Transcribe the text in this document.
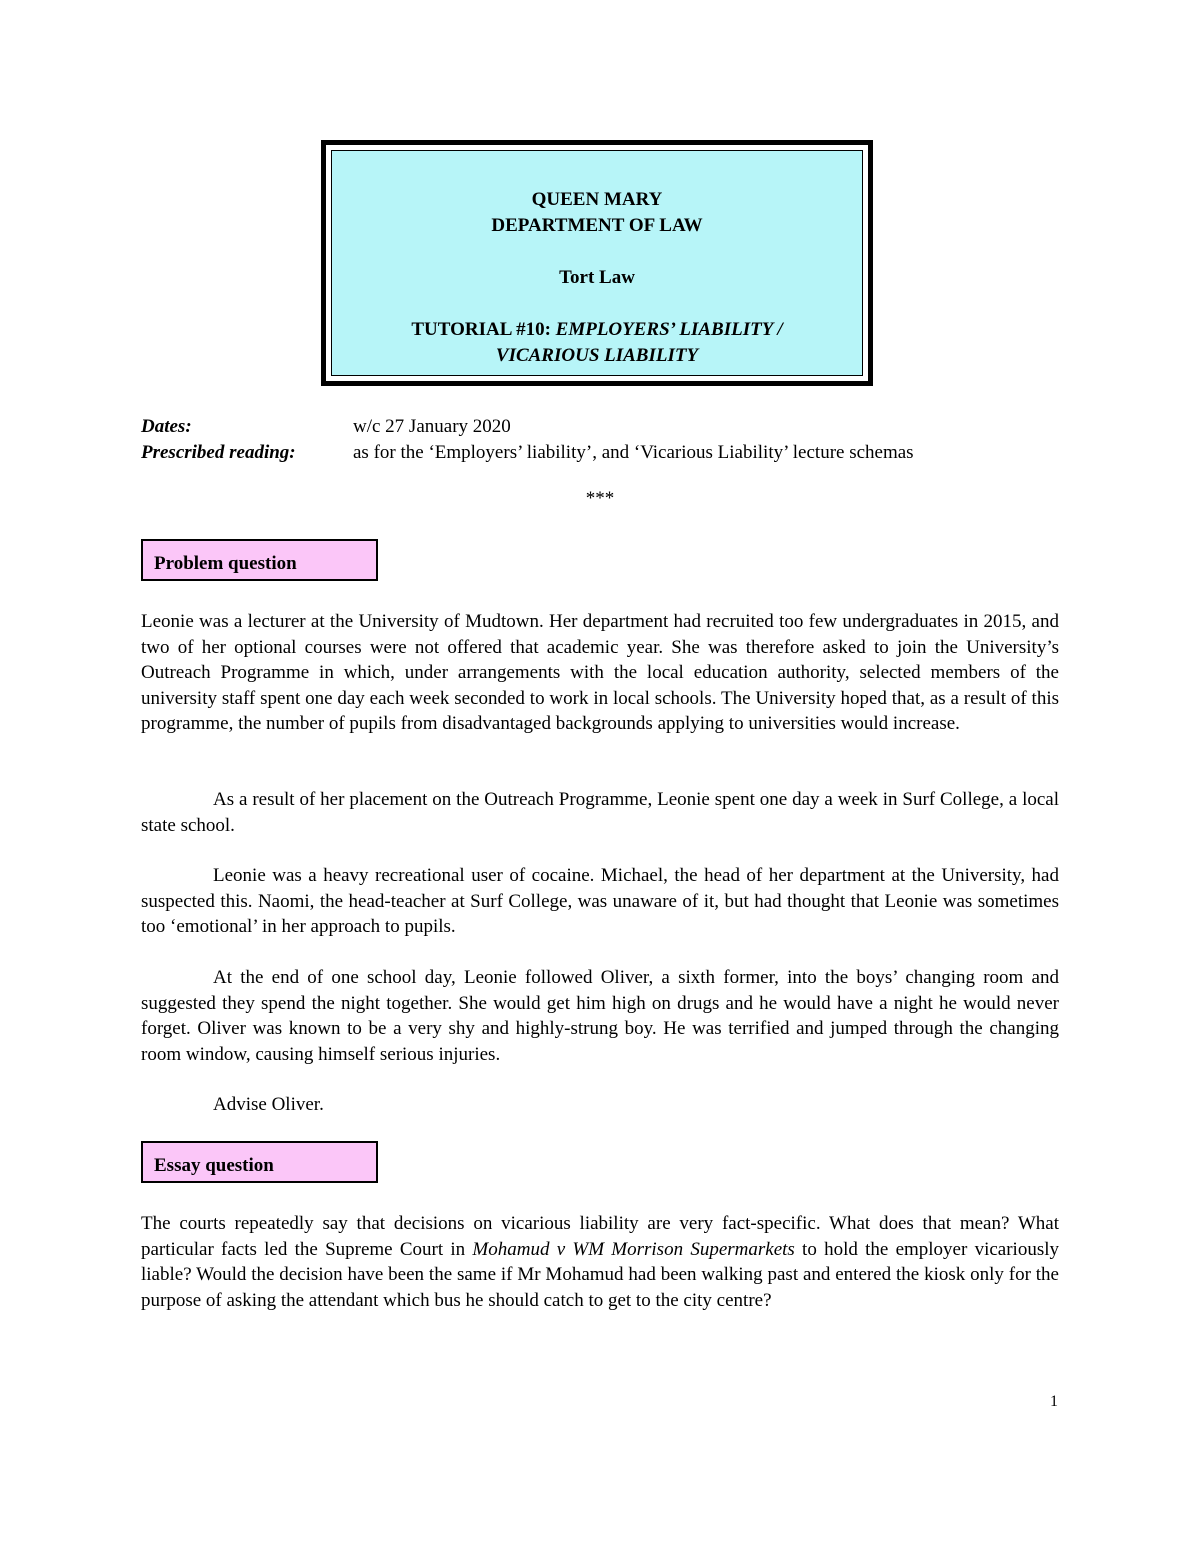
QUEEN MARY
DEPARTMENT OF LAW
Tort Law
TUTORIAL #10: EMPLOYERS’ LIABILITY /
VICARIOUS LIABILITY
Dates:	w/c 27 January 2020
Prescribed reading:	as for the ‘Employers’ liability’, and ‘Vicarious Liability’ lecture schemas
***
Problem question

Leonie was a lecturer at the University of Mudtown. Her department had recruited too few undergraduates in 2015, and two of her optional courses were not offered that academic year. She was therefore asked to join the University’s Outreach Programme in which, under arrangements with the local education authority, selected members of the university staff spent one day each week seconded to work in local schools. The University hoped that, as a result of this programme, the number of pupils from disadvantaged backgrounds applying to universities would increase.

As a result of her placement on the Outreach Programme, Leonie spent one day a week in Surf College, a local state school.

Leonie was a heavy recreational user of cocaine. Michael, the head of her department at the University, had suspected this. Naomi, the head-teacher at Surf College, was unaware of it, but had thought that Leonie was sometimes too ‘emotional’ in her approach to pupils.

At the end of one school day, Leonie followed Oliver, a sixth former, into the boys’ changing room and suggested they spend the night together. She would get him high on drugs and he would have a night he would never forget. Oliver was known to be a very shy and highly-strung boy. He was terrified and jumped through the changing room window, causing himself serious injuries.

Advise Oliver.

Essay question

The courts repeatedly say that decisions on vicarious liability are very fact-specific. What does that mean? What particular facts led the Supreme Court in Mohamud v WM Morrison Supermarkets to hold the employer vicariously liable? Would the decision have been the same if Mr Mohamud had been walking past and entered the kiosk only for the purpose of asking the attendant which bus he should catch to get to the city centre?

1
